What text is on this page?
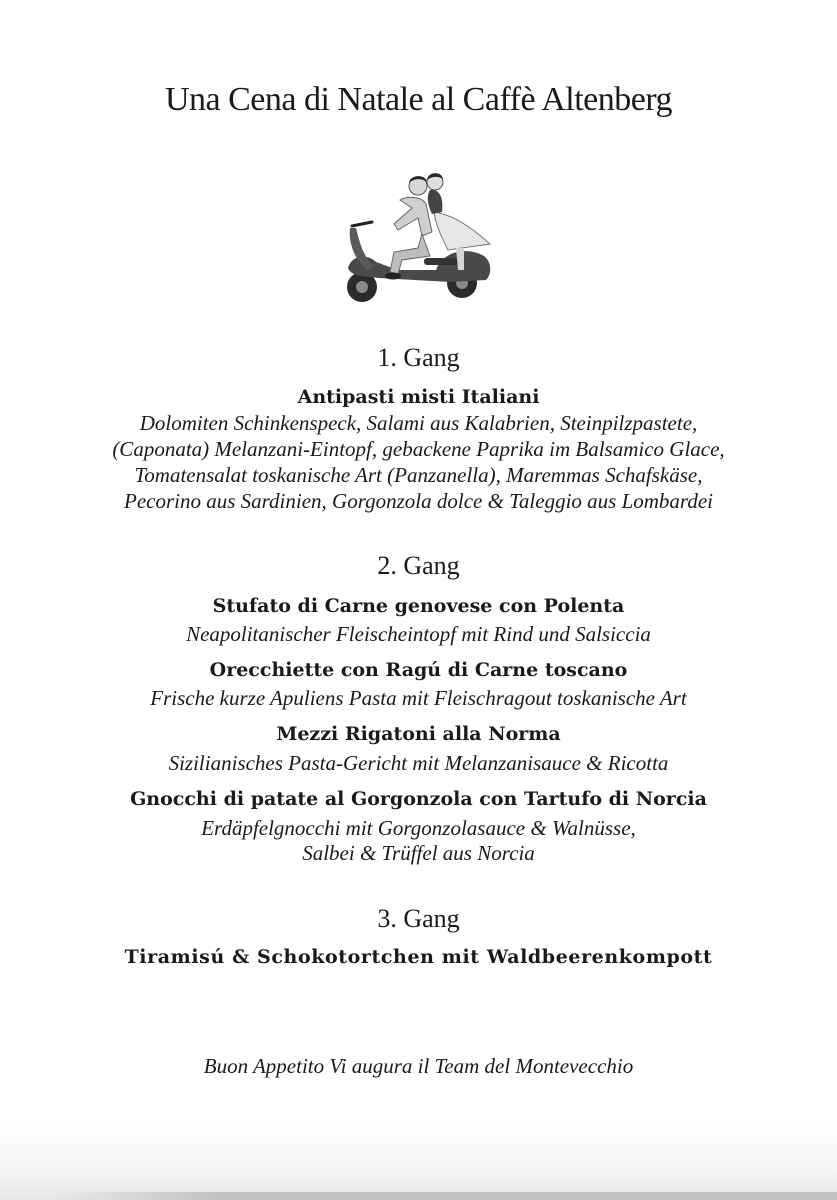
Una Cena di Natale al Caffè Altenberg
1. Gang
Antipasti misti Italiani
Dolomiten Schinkenspeck, Salami aus Kalabrien, Steinpilzpastete,
(Caponata) Melanzani-Eintopf, gebackene Paprika im Balsamico Glace,
Tomatensalat toskanische Art (Panzanella), Maremmas Schafskäse,
Pecorino aus Sardinien, Gorgonzola dolce & Taleggio aus Lombardei
2. Gang
Stufato di Carne genovese con Polenta
Neapolitanischer Fleischeintopf mit Rind und Salsiccia
Orecchiette con Ragú di Carne toscano
Frische kurze Apuliens Pasta mit Fleischragout toskanische Art
Mezzi Rigatoni alla Norma
Sizilianisches Pasta-Gericht mit Melanzanisauce & Ricotta
Gnocchi di patate al Gorgonzola con Tartufo di Norcia
Erdäpfelgnocchi mit Gorgonzolasauce & Walnüsse,
Salbei & Trüffel aus Norcia
3. Gang
Tiramisú & Schokotortchen mit Waldbeerenkompott
Buon Appetito Vi augura il Team del Montevecchio
